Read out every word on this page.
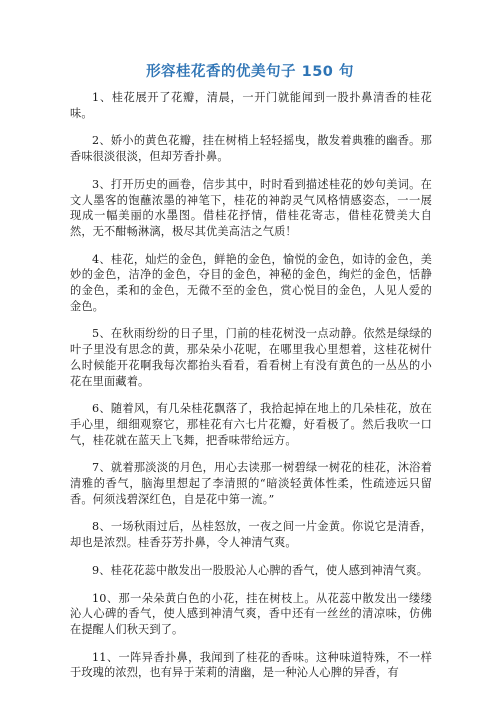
形容桂花香的优美句子 150 句

1、桂花展开了花瓣，清晨，一开门就能闻到一股扑鼻清香的桂花味。

2、娇小的黄色花瓣，挂在树梢上轻轻摇曳，散发着典雅的幽香。那香味很淡很淡，但却芳香扑鼻。

3、打开历史的画卷，信步其中，时时看到描述桂花的妙句美词。在文人墨客的饱蘸浓墨的神笔下，桂花的神韵灵气风格情感姿态，一一展现成一幅美丽的水墨图。借桂花抒情，借桂花寄志，借桂花赞美大自然，无不酣畅淋漓，极尽其优美高洁之气质！

4、桂花，灿烂的金色，鲜艳的金色，愉悦的金色，如诗的金色，美妙的金色，洁净的金色，夺目的金色，神秘的金色，绚烂的金色，恬静的金色，柔和的金色，无微不至的金色，赏心悦目的金色，人见人爱的金色。

5、在秋雨纷纷的日子里，门前的桂花树没一点动静。依然是绿绿的叶子里没有思念的黄，那朵朵小花呢，在哪里我心里想着，这桂花树什么时候能开花啊我每次都抬头看看，看看树上有没有黄色的一丛丛的小花在里面藏着。

6、随着风，有几朵桂花飘落了，我拾起掉在地上的几朵桂花，放在手心里，细细观察它，那桂花有六七片花瓣，好看极了。然后我吹一口气，桂花就在蓝天上飞舞，把香味带给远方。

7、就着那淡淡的月色，用心去读那一树碧绿一树花的桂花，沐浴着清雅的香气，脑海里想起了李清照的“暗淡轻黄体性柔，性疏迹远只留香。何须浅碧深红色，自是花中第一流。”

8、一场秋雨过后，丛桂怒放，一夜之间一片金黄。你说它是清香，却也是浓烈。桂香芬芳扑鼻，令人神清气爽。

9、桂花花蕊中散发出一股股沁人心脾的香气，使人感到神清气爽。

10、那一朵朵黄白色的小花，挂在树枝上。从花蕊中散发出一缕缕沁人心碑的香气，使人感到神清气爽，香中还有一丝丝的清凉味，仿佛在提醒人们秋天到了。

11、一阵异香扑鼻，我闻到了桂花的香味。这种味道特殊，不一样于玫瑰的浓烈，也有异于茉莉的清幽，是一种沁人心脾的异香，有
